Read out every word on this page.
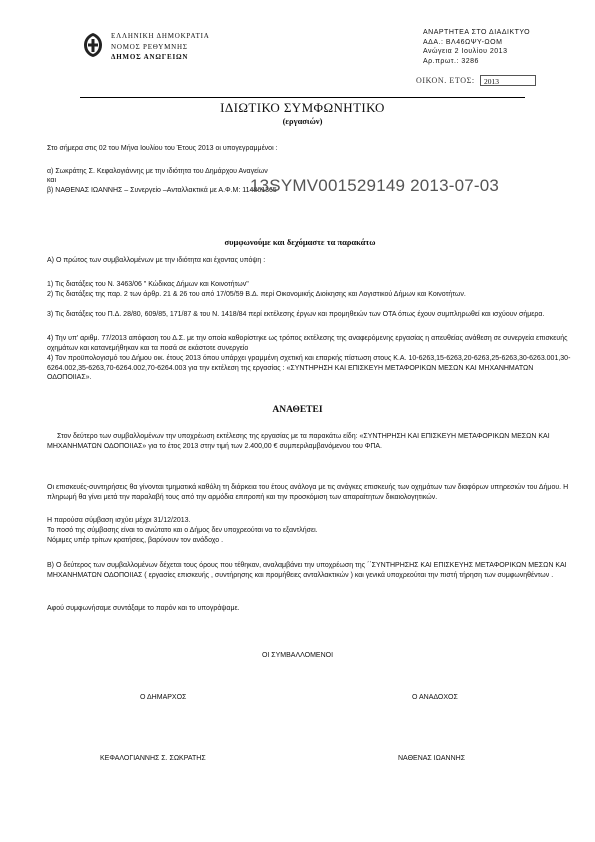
ΕΛΛΗΝΙΚΗ ΔΗΜΟΚΡΑΤΙΑ
ΝΟΜΟΣ ΡΕΘΥΜΝΗΣ
ΔΗΜΟΣ ΑΝΩΓΕΙΩΝ
ΑΝΑΡΤΗΤΕΑ ΣΤΟ ΔΙΑΔΙΚΤΥΟ
ΑΔΑ.: ΒΛ46ΩΨΥ-ΩΟΜ
Ανώγεια 2 Ιουλίου 2013
Αρ.πρωτ.: 3286
ΟΙΚΟΝ. ΕΤΟΣ:	2013
ΙΔΙΩΤΙΚΟ ΣΥΜΦΩΝΗΤΙΚΟ
(εργασιών)
Στο σήμερα στις 02 του Μήνα Ιουλίου του Έτους 2013 οι υπογεγραμμένοι :
α) Σωκράτης Σ. Κεφαλογιάννης με την ιδιότητα του Δημάρχου Αναγείων
και
β) ΝΑΘΕΝΑΣ ΙΩΑΝΝΗΣ – Συνεργείο –Ανταλλακτικά με Α.Φ.Μ: 114861365
13SYMV001529149 2013-07-03
συμφωνούμε και δεχόμαστε τα παρακάτω
Α) Ο πρώτος των συμβαλλομένων με την ιδιότητα και έχοντας υπόψη :
1) Τις διατάξεις του Ν. 3463/06 " Κώδικας Δήμων και Κοινοτήτων"
2) Τις διατάξεις της παρ. 2 των άρθρ. 21 & 26 του από 17/05/59 Β.Δ. περί Οικονομικής Διοίκησης και Λογιστικού Δήμων και Κοινοτήτων.
3) Τις διατάξεις του Π.Δ. 28/80, 609/85, 171/87 & του Ν. 1418/84 περί εκτέλεσης έργων και προμηθειών των ΟΤΑ όπως έχουν συμπληρωθεί και ισχύουν σήμερα.
4) Την υπ' αριθμ. 77/2013 απόφαση του Δ.Σ. με την οποία καθορίστηκε ως τρόπος εκτέλεσης της αναφερόμενης εργασίας η απευθείας ανάθεση σε συνεργεία επισκευής οχημάτων και κατανεμήθηκαν και τα ποσά σε εκάστοτε συνεργείο
4) Τον προϋπολογισμό του Δήμου οικ. έτους 2013 όπου υπάρχει γραμμένη σχετική και επαρκής πίστωση στους Κ.Α. 10-6263,15-6263,20-6263,25-6263,30-6263.001,30-6264.002,35-6263,70-6264.002,70-6264.003 για την εκτέλεση της εργασίας : «ΣΥΝΤΗΡΗΣΗ ΚΑΙ ΕΠΙΣΚΕΥΗ ΜΕΤΑΦΟΡΙΚΩΝ ΜΕΣΩΝ ΚΑΙ ΜΗΧΑΝΗΜΑΤΩΝ ΟΔΟΠΟΙΙΑΣ».
ΑΝΑΘΕΤΕΙ
Στον δεύτερο των συμβαλλομένων την υποχρέωση εκτέλεσης της εργασίας με τα παρακάτω είδη: «ΣΥΝΤΗΡΗΣΗ ΚΑΙ ΕΠΙΣΚΕΥΗ ΜΕΤΑΦΟΡΙΚΩΝ ΜΕΣΩΝ ΚΑΙ ΜΗΧΑΝΗΜΑΤΩΝ ΟΔΟΠΟΙΙΑΣ» για το έτος 2013 στην τιμή των 2.400,00 € συμπεριλαμβανόμενου του ΦΠΑ.
Οι επισκευές-συντηρήσεις θα γίνονται τμηματικά καθόλη τη διάρκεια του έτους ανάλογα με τις ανάγκες επισκευής των οχημάτων των διαφόρων υπηρεσιών του Δήμου. Η πληρωμή θα γίνει μετά την παραλαβή τους από την αρμόδια επιτροπή και την προσκόμιση των απαραίτητων δικαιολογητικών.
Η παρούσα σύμβαση ισχύει μέχρι 31/12/2013.
Το ποσό της σύμβασης είναι το ανώτατο και ο Δήμος δεν υποχρεούται να το εξαντλήσει.
Νόμιμες υπέρ τρίτων κρατήσεις, βαρύνουν τον ανάδοχο .
Β) Ο δεύτερος των συμβαλλομένων δέχεται τους όρους που τέθηκαν, αναλαμβάνει την υποχρέωση της ΄΄ΣΥΝΤΗΡΗΣΗΣ ΚΑΙ ΕΠΙΣΚΕΥΗΣ ΜΕΤΑΦΟΡΙΚΩΝ ΜΕΣΩΝ ΚΑΙ ΜΗΧΑΝΗΜΑΤΩΝ ΟΔΟΠΟΙΙΑΣ ( εργασίες επισκευής , συντήρησης και προμήθειες ανταλλακτικών ) και γενικά υποχρεούται την πιστή τήρηση των συμφωνηθέντων .
Αφού συμφωνήσαμε συντάξαμε το παρόν και το υπογράψαμε.
ΟΙ ΣΥΜΒΑΛΛΟΜΕΝΟΙ
Ο ΔΗΜΑΡΧΟΣ	Ο ΑΝΑΔΟΧΟΣ
ΚΕΦΑΛΟΓΙΑΝΝΗΣ Σ. ΣΩΚΡΑΤΗΣ	ΝΑΘΕΝΑΣ ΙΩΑΝΝΗΣ
